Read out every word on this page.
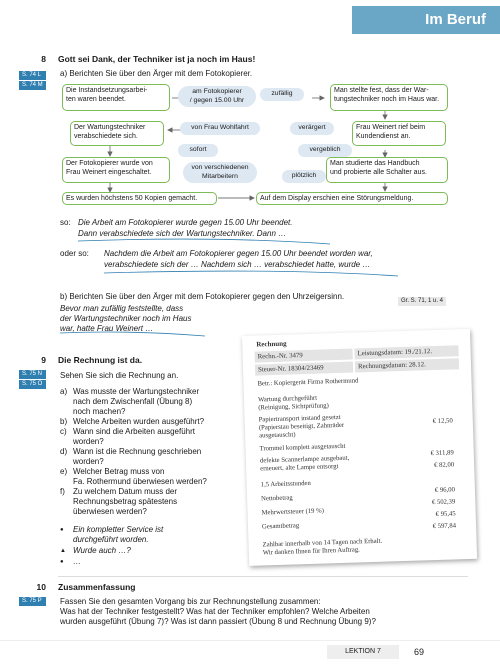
Im Beruf
8
S. 74 L
S. 74 M
Gott sei Dank, der Techniker ist ja noch im Haus!
a) Berichten Sie über den Ärger mit dem Fotokopierer.
Die Instandsetzungsarbei-
ten waren beendet.
am Fotokopierer
/ gegen 15.00 Uhr
zufällig	Man stellte fest, dass der War-
tungstechniker noch im Haus war.
Der Wartungstechniker
verabschiedete sich.
von Frau Wohlfahrt	verärgert	Frau Weinert rief beim
Kundendienst an.
sofort	vergeblich
Der Fotokopierer wurde von
Frau Weinert eingeschaltet.
von verschiedenen
Mitarbeitern	plötzlich
Man studierte das Handbuch
und probierte alle Schalter aus.
Es wurden höchstens 50 Kopien gemacht.	Auf dem Display erschien eine Störungsmeldung.
so: Die Arbeit am Fotokopierer wurde gegen 15.00 Uhr beendet.
Dann verabschiedete sich der Wartungstechniker. Dann …
oder so: Nachdem die Arbeit am Fotokopierer gegen 15.00 Uhr beendet worden war,
verabschiedete sich der … Nachdem sich … verabschiedet hatte, wurde …
b) Berichten Sie über den Ärger mit dem Fotokopierer gegen den Uhrzeigersinn.	Gr. S. 71, 1 u. 4
Bevor man zufällig feststellte, dass
der Wartungstechniker noch im Haus
war, hatte Frau Weinert …
9
S. 75 N
S. 75 O
Die Rechnung ist da.
Sehen Sie sich die Rechnung an.
a) Was musste der Wartungstechniker
nach dem Zwischenfall (Übung 8)
noch machen?
b) Welche Arbeiten wurden ausgeführt?
c) Wann sind die Arbeiten ausgeführt
worden?
d) Wann ist die Rechnung geschrieben
worden?
e) Welcher Betrag muss von
Fa. Rothermund überwiesen werden?
f) Zu welchem Datum muss der
Rechnungsbetrag spätestens
überwiesen werden?
● Ein kompletter Service ist
durchgeführt worden.
▲ Wurde auch …?
● …
Rechnung
Rechn.-Nr. 3479	Leistungsdatum: 19./21.12.
Steuer-Nr. 18304/23469	Rechnungsdatum: 28.12.
Betr.: Kopiergerät Firma Rothermund
Wartung durchgeführt
(Reinigung, Sichtprüfung)
Papiertransport instand gesetzt
(Papierstau beseitigt, Zahnräder
ausgetauscht)
€ 12,50
Trommel komplett ausgetauscht
€ 311,89
defekte Scannerlampe ausgebaut,
erneuert, alte Lampe entsorgt	€ 82,00
1,5 Arbeitsstunden
€ 96,00
Nettobetrag	€ 502,39
Mehrwertsteuer (19 %)	€ 95,45
Gesamtbetrag	€ 597,84
Zahlbar innerhalb von 14 Tagen nach Erhalt.
Wir danken Ihnen für Ihren Auftrag.
10
S. 75 P
Zusammenfassung
Fassen Sie den gesamten Vorgang bis zur Rechnungstellung zusammen:
Was hat der Techniker festgestellt? Was hat der Techniker empfohlen? Welche Arbeiten
wurden ausgeführt (Übung 7)? Was ist dann passiert (Übung 8 und Rechnung Übung 9)?
LEKTION 7	69
